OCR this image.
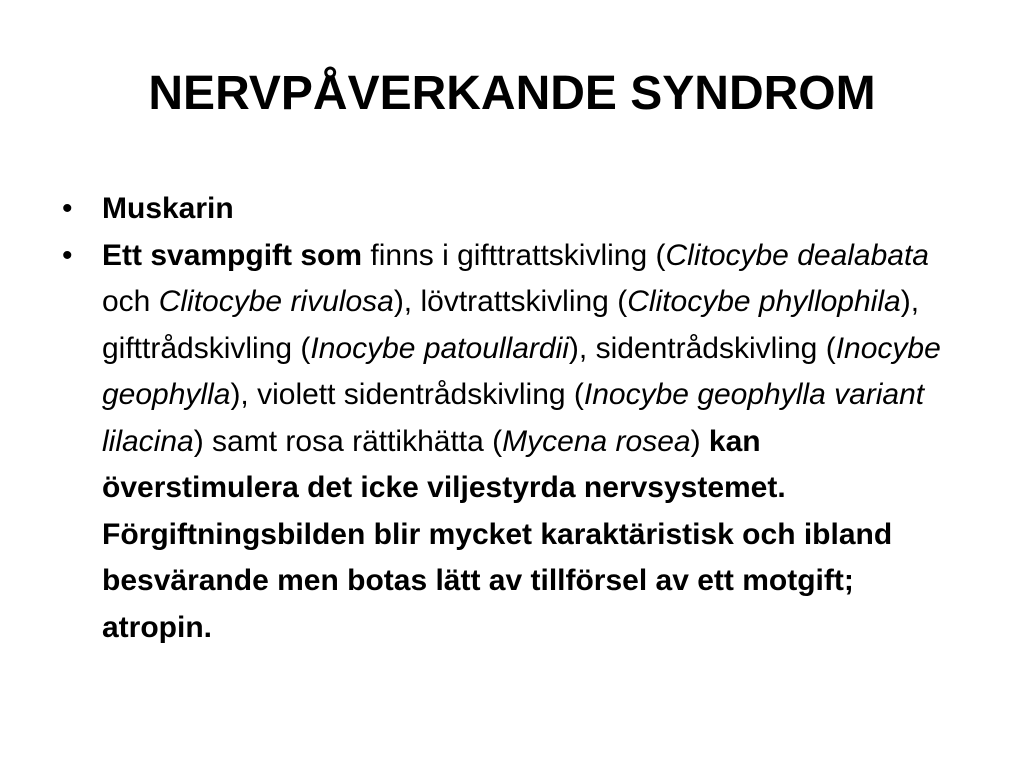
NERVPÅVERKANDE SYNDROM
• Muskarin
• Ett svampgift som finns i gifttrattskivling (Clitocybe dealabata och Clitocybe rivulosa), lövtrattskivling (Clitocybe phyllophila), gifttrådskivling (Inocybe patoullardii), sidentrådskivling (Inocybe geophylla), violett sidentrådskivling (Inocybe geophylla variant lilacina) samt rosa rättikhätta (Mycena rosea) kan överstimulera det icke viljestyrda nervsystemet. Förgiftningsbilden blir mycket karaktäristisk och ibland besvärande men botas lätt av tillförsel av ett motgift; atropin.
